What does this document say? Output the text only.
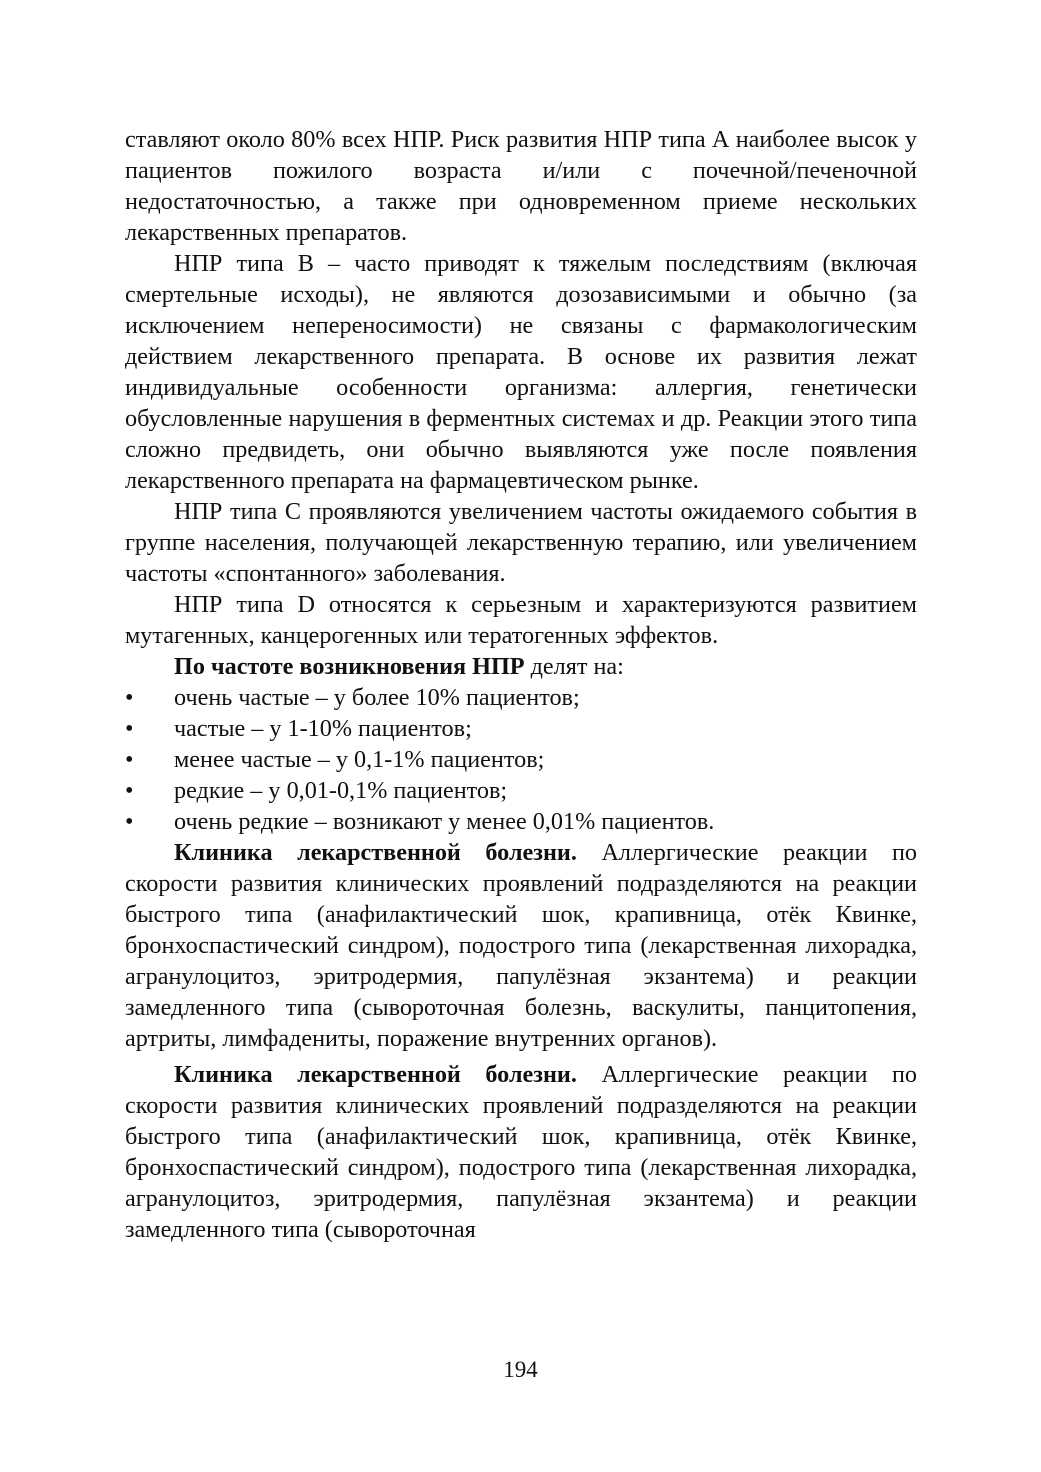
ставляют около 80% всех НПР. Риск развития НПР типа А наиболее высок у пациентов пожилого возраста и/или с почечной/печеночной недостаточностью, а также при одновременном приеме нескольких лекарственных препаратов.

НПР типа В – часто приводят к тяжелым последствиям (включая смертельные исходы), не являются дозозависимыми и обычно (за исключением непереносимости) не связаны с фармакологическим действием лекарственного препарата. В основе их развития лежат индивидуальные особенности организма: аллергия, генетически обусловленные нарушения в ферментных системах и др. Реакции этого типа сложно предвидеть, они обычно выявляются уже после появления лекарственного препарата на фармацевтическом рынке.

НПР типа С проявляются увеличением частоты ожидаемого события в группе населения, получающей лекарственную терапию, или увеличением частоты «спонтанного» заболевания.

НПР типа D относятся к серьезным и характеризуются развитием мутагенных, канцерогенных или тератогенных эффектов.

По частоте возникновения НПР делят на:

• очень частые – у более 10% пациентов;
• частые – у 1-10% пациентов;
• менее частые – у 0,1-1% пациентов;
• редкие – у 0,01-0,1% пациентов;
• очень редкие – возникают у менее 0,01% пациентов.

Клиника лекарственной болезни. Аллергические реакции по скорости развития клинических проявлений подразделяются на реакции быстрого типа (анафилактический шок, крапивница, отёк Квинке, бронхоспастический синдром), подострого типа (лекарственная лихорадка, агранулоцитоз, эритродермия, папулёзная экзантема) и реакции замедленного типа (сывороточная болезнь, васкулиты, панцитопения, артриты, лимфадениты, поражение внутренних органов).

Клиника лекарственной болезни. Аллергические реакции по скорости развития клинических проявлений подразделяются на реакции быстрого типа (анафилактический шок, крапивница, отёк Квинке, бронхоспастический синдром), подострого типа (лекарственная лихорадка, агранулоцитоз, эритродермия, папулёзная экзантема) и реакции замедленного типа (сывороточная

194
